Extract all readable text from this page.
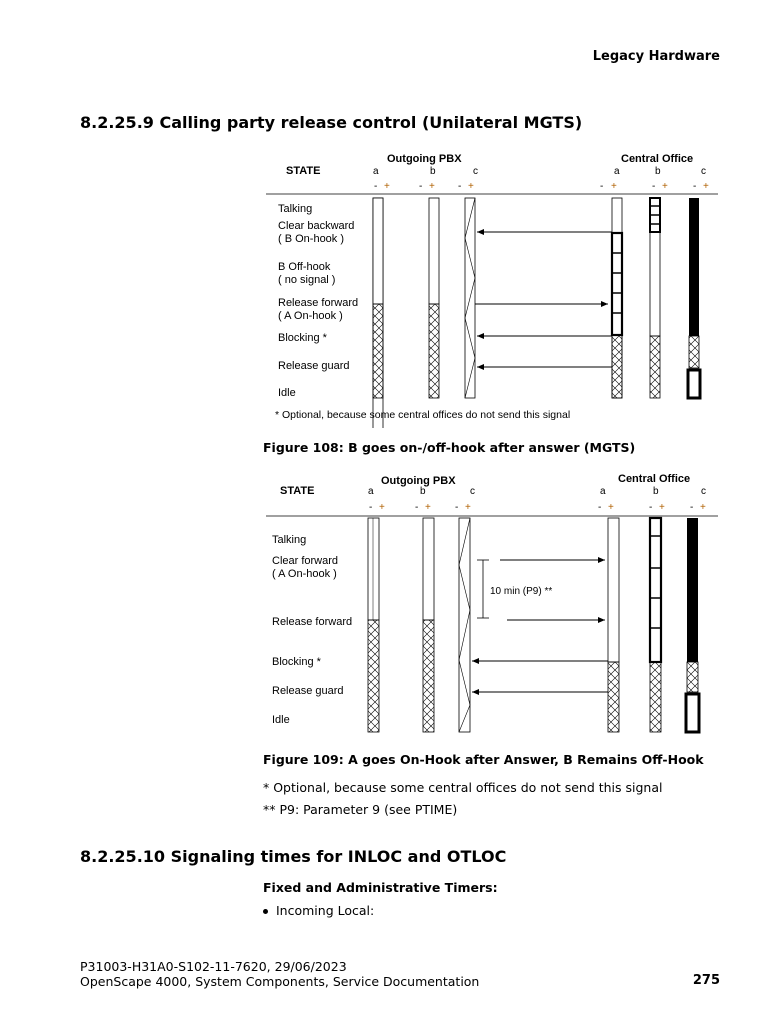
Legacy Hardware
8.2.25.9 Calling party release control (Unilateral MGTS)
Outgoing PBX	Central Office
STATE	a	b	c	a	b	c
- +	- + - +	- +	- +	- +
Talking
Clear backward
( B On-hook )
B Off-hook
( no signal )
Release forward
( A On-hook )
Blocking *
Release guard
Idle
* Optional, because some central offices do not send this signal
Figure 108: B goes on-/off-hook after answer (MGTS)
Outgoing PBX	Central Office
STATE	a	b	c	a	b	c
- +	- + - +	- +	- +	- +
Talking
Clear forward
( A On-hook )
Release forward
Blocking *
Release guard
Idle
10 min (P9) **
Figure 109: A goes On-Hook after Answer, B Remains Off-Hook
* Optional, because some central offices do not send this signal
** P9: Parameter 9 (see PTIME)
8.2.25.10 Signaling times for INLOC and OTLOC
Fixed and Administrative Timers:
Incoming Local:
P31003-H31A0-S102-11-7620, 29/06/2023
OpenScape 4000, System Components, Service Documentation	275
